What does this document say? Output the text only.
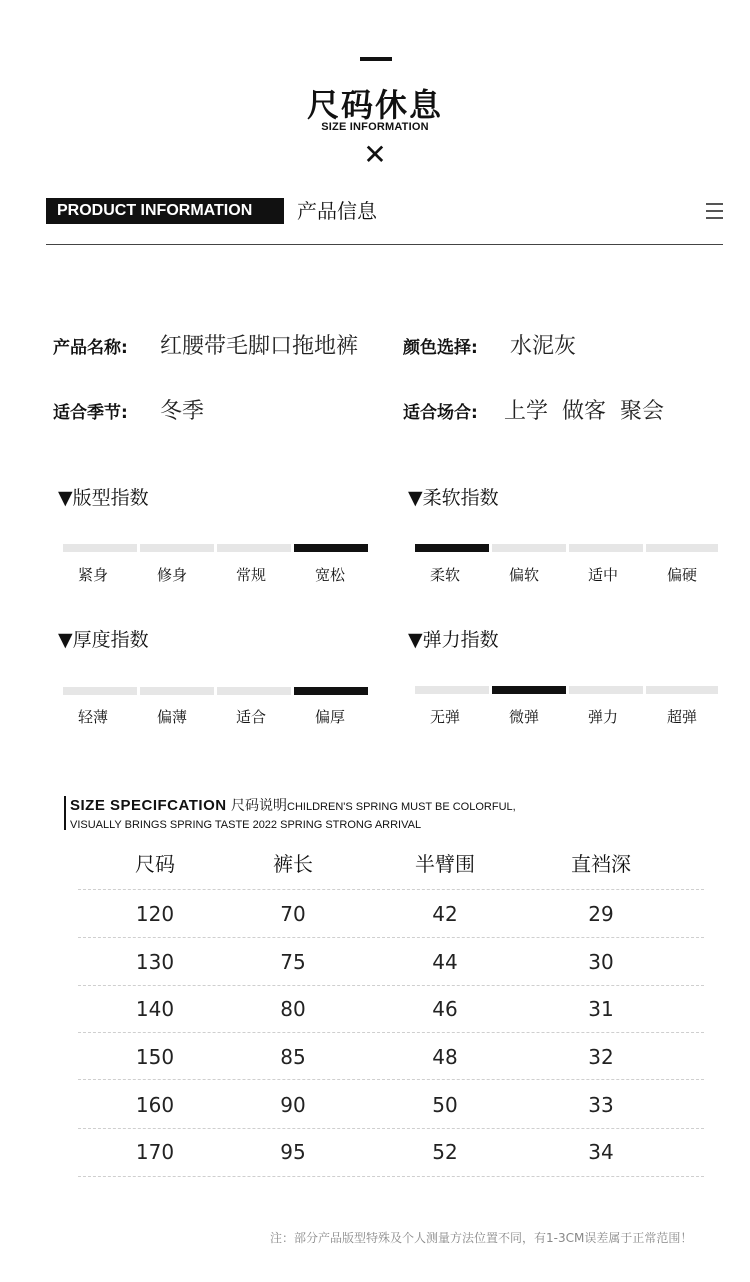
尺码休息
SIZE INFORMATION
✕
PRODUCT INFORMATION	产品信息
产品名称: 红腰带毛脚口拖地裤	颜色选择: 水泥灰
适合季节: 冬季	适合场合: 上学  做客  聚会
▼版型指数	▼柔软指数
▼厚度指数	▼弹力指数
紧身	修身	常规	宽松	柔软	偏软	适中	偏硬
轻薄	偏薄	适合	偏厚	无弹	微弹	弹力	超弹
SIZE SPECIFCATION 尺码说明CHILDREN'S SPRING MUST BE COLORFUL,
VISUALLY BRINGS SPRING TASTE 2022 SPRING STRONG ARRIVAL
尺码	裤长	半臂围	直裆深
120	70	42	29
130	75	44	30
140	80	46	31
150	85	48	32
160	90	50	33
170	95	52	34
注：部分产品版型特殊及个人测量方法位置不同，有1-3CM误差属于正常范围！
